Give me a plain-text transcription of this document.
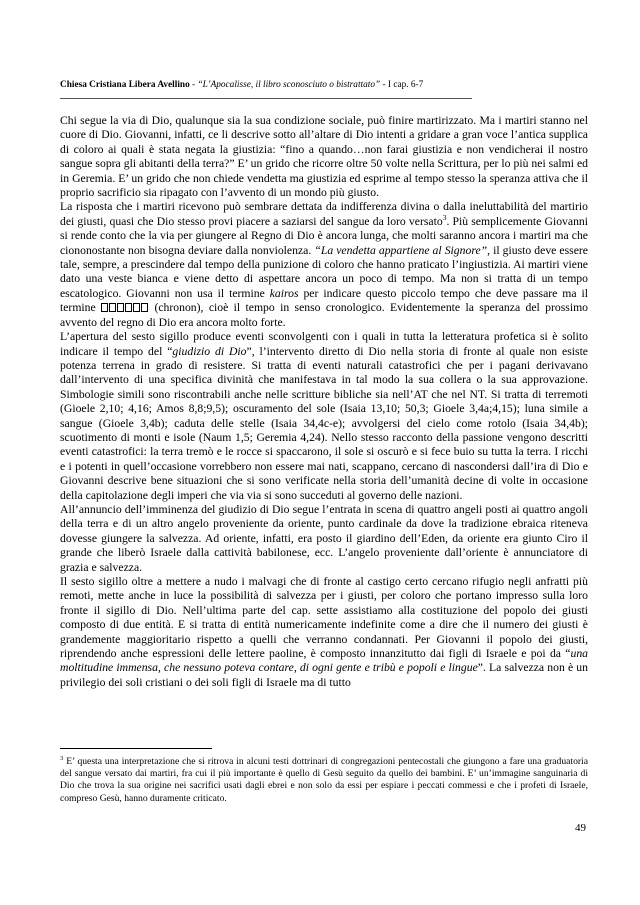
Chiesa Cristiana Libera Avellino - “L’Apocalisse, il libro sconosciuto o bistrattato” - I cap. 6-7

Chi segue la via di Dio, qualunque sia la sua condizione sociale, può finire martirizzato. Ma i martiri stanno nel cuore di Dio. Giovanni, infatti, ce li descrive sotto all’altare di Dio intenti a gridare a gran voce l’antica supplica di coloro ai quali è stata negata la giustizia: “fino a quando…non farai giustizia e non vendicherai il nostro sangue sopra gli abitanti della terra?” E’ un grido che ricorre oltre 50 volte nella Scrittura, per lo più nei salmi ed in Geremia. E’ un grido che non chiede vendetta ma giustizia ed esprime al tempo stesso la speranza attiva che il proprio sacrificio sia ripagato con l’avvento di un mondo più giusto.

La risposta che i martiri ricevono può sembrare dettata da indifferenza divina o dalla ineluttabilità del martirio dei giusti, quasi che Dio stesso provi piacere a saziarsi del sangue da loro versato$^3$. Più semplicemente Giovanni si rende conto che la via per giungere al Regno di Dio è ancora lunga, che molti saranno ancora i martiri ma che ciononostante non bisogna deviare dalla nonviolenza. “La vendetta appartiene al Signore”, il giusto deve essere tale, sempre, a prescindere dal tempo della punizione di coloro che hanno praticato l’ingiustizia. Ai martiri viene dato una veste bianca e viene detto di aspettare ancora un poco di tempo. Ma non si tratta di un tempo escatologico. Giovanni non usa il termine kairos per indicare questo piccolo tempo che deve passare ma il termine	(chronon), cioè il tempo in senso cronologico. Evidentemente la speranza del prossimo avvento del regno di Dio era ancora molto forte.

L’apertura del sesto sigillo produce eventi sconvolgenti con i quali in tutta la letteratura profetica si è solito indicare il tempo del “giudizio di Dio”, l’intervento diretto di Dio nella storia di fronte al quale non esiste potenza terrena in grado di resistere. Si tratta di eventi naturali catastrofici che per i pagani derivavano dall’intervento di una specifica divinità che manifestava in tal modo la sua collera o la sua approvazione. Simbologie simili sono riscontrabili anche nelle scritture bibliche sia nell’AT che nel NT. Si tratta di terremoti (Gioele 2,10; 4,16; Amos 8,8;9,5); oscuramento del sole (Isaia 13,10; 50,3; Gioele 3,4a;4,15); luna simile a sangue (Gioele 3,4b); caduta delle stelle (Isaia 34,4c-e); avvolgersi del cielo come rotolo (Isaia 34,4b); scuotimento di monti e isole (Naum 1,5; Geremia 4,24). Nello stesso racconto della passione vengono descritti eventi catastrofici: la terra tremò e le rocce si spaccarono, il sole si oscurò e si fece buio su tutta la terra. I ricchi e i potenti in quell’occasione vorrebbero non essere mai nati, scappano, cercano di nascondersi dall’ira di Dio e Giovanni descrive bene situazioni che si sono verificate nella storia dell’umanità decine di volte in occasione della capitolazione degli imperi che via via si sono succeduti al governo delle nazioni.

All’annuncio dell’imminenza del giudizio di Dio segue l’entrata in scena di quattro angeli posti ai quattro angoli della terra e di un altro angelo proveniente da oriente, punto cardinale da dove la tradizione ebraica riteneva dovesse giungere la salvezza. Ad oriente, infatti, era posto il giardino dell’Eden, da oriente era giunto Ciro il grande che liberò Israele dalla cattività babilonese, ecc. L’angelo proveniente dall’oriente è annunciatore di grazia e salvezza.

Il sesto sigillo oltre a mettere a nudo i malvagi che di fronte al castigo certo cercano rifugio negli anfratti più remoti, mette anche in luce la possibilità di salvezza per i giusti, per coloro che portano impresso sulla loro fronte il sigillo di Dio. Nell’ultima parte del cap. sette assistiamo alla costituzione del popolo dei giusti composto di due entità. E si tratta di entità numericamente indefinite come a dire che il numero dei giusti è grandemente maggioritario rispetto a quelli che verranno condannati. Per Giovanni il popolo dei giusti, riprendendo anche espressioni delle lettere paoline, è composto innanzitutto dai figli di Israele e poi da “una moltitudine immensa, che nessuno poteva contare, di ogni gente e tribù e popoli e lingue”. La salvezza non è un privilegio dei soli cristiani o dei soli figli di Israele ma di tutto

$^3$ E’ questa una interpretazione che si ritrova in alcuni testi dottrinari di congregazioni pentecostali che giungono a fare una graduatoria del sangue versato dai martiri, fra cui il più importante è quello di Gesù seguito da quello dei bambini. E’ un’immagine sanguinaria di Dio che trova la sua origine nei sacrifici usati dagli ebrei e non solo da essi per espiare i peccati commessi e che i profeti di Israele, compreso Gesù, hanno duramente criticato.
49
